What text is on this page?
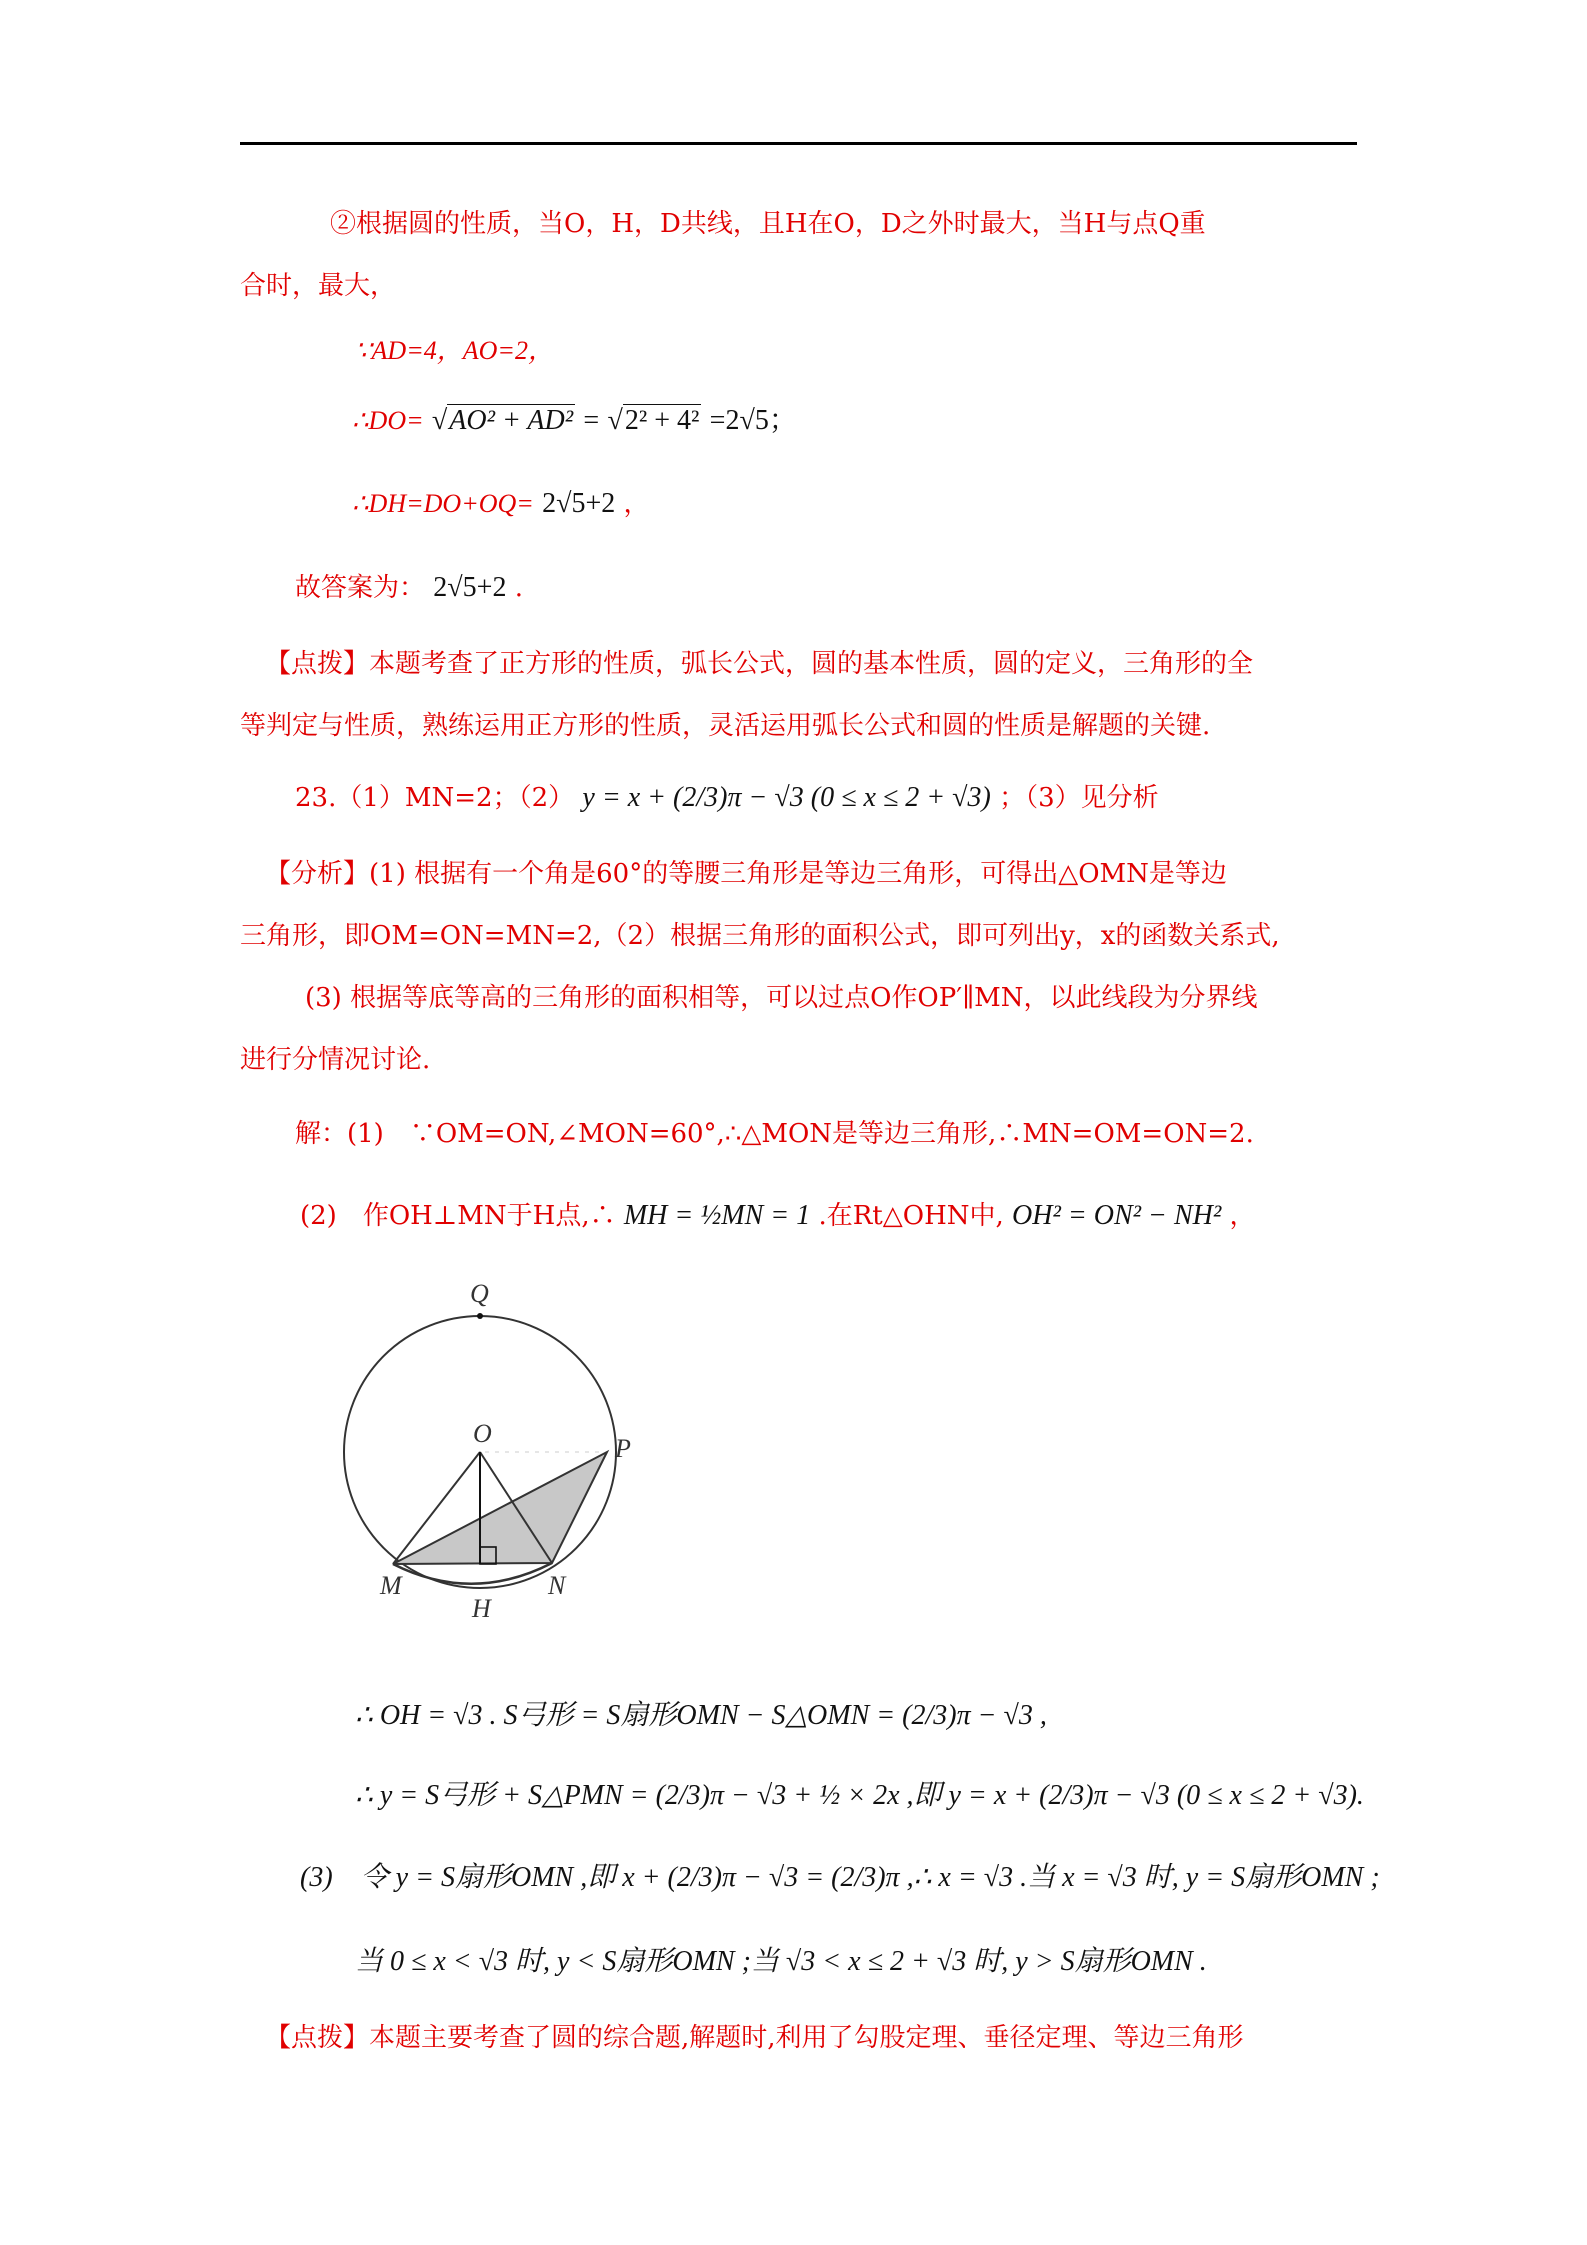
②根据圆的性质，当O，H，D共线，且H在O，D之外时最大，当H与点Q重
合时，最大，
∵AD=4，AO=2，
∴DO= √AO² + AD² = √2² + 4² =2√5；
∴DH=DO+OQ= 2√5+2 ，
故答案为： 2√5+2 .
【点拨】本题考查了正方形的性质，弧长公式，圆的基本性质，圆的定义，三角形的全
等判定与性质，熟练运用正方形的性质，灵活运用弧长公式和圆的性质是解题的关键.
23.（1）MN=2；（2） y = x + (2/3)π − √3 (0 ≤ x ≤ 2 + √3) ；（3）见分析
【分析】(1) 根据有一个角是60°的等腰三角形是等边三角形，可得出△OMN是等边
三角形，即OM=ON=MN=2,（2）根据三角形的面积公式，即可列出y，x的函数关系式,
(3) 根据等底等高的三角形的面积相等，可以过点O作OP′∥MN，以此线段为分界线
进行分情况讨论.
解：(1)　∵OM=ON,∠MON=60°,∴△MON是等边三角形,∴MN=OM=ON=2.
(2)　作OH⊥MN于H点,∴ MH = ½MN = 1 .在Rt△OHN中, OH² = ON² − NH² ，
Q
O
P
M	N
H
∴ OH = √3 . S弓形 = S扇形OMN − S△OMN = (2/3)π − √3 ,
∴ y = S弓形 + S△PMN = (2/3)π − √3 + ½ × 2x ,即 y = x + (2/3)π − √3 (0 ≤ x ≤ 2 + √3).
(3)　令 y = S扇形OMN ,即 x + (2/3)π − √3 = (2/3)π ,∴ x = √3 .当 x = √3 时, y = S扇形OMN ;
当 0 ≤ x < √3 时, y < S扇形OMN ;当 √3 < x ≤ 2 + √3 时, y > S扇形OMN .
【点拨】本题主要考查了圆的综合题,解题时,利用了勾股定理、垂径定理、等边三角形
